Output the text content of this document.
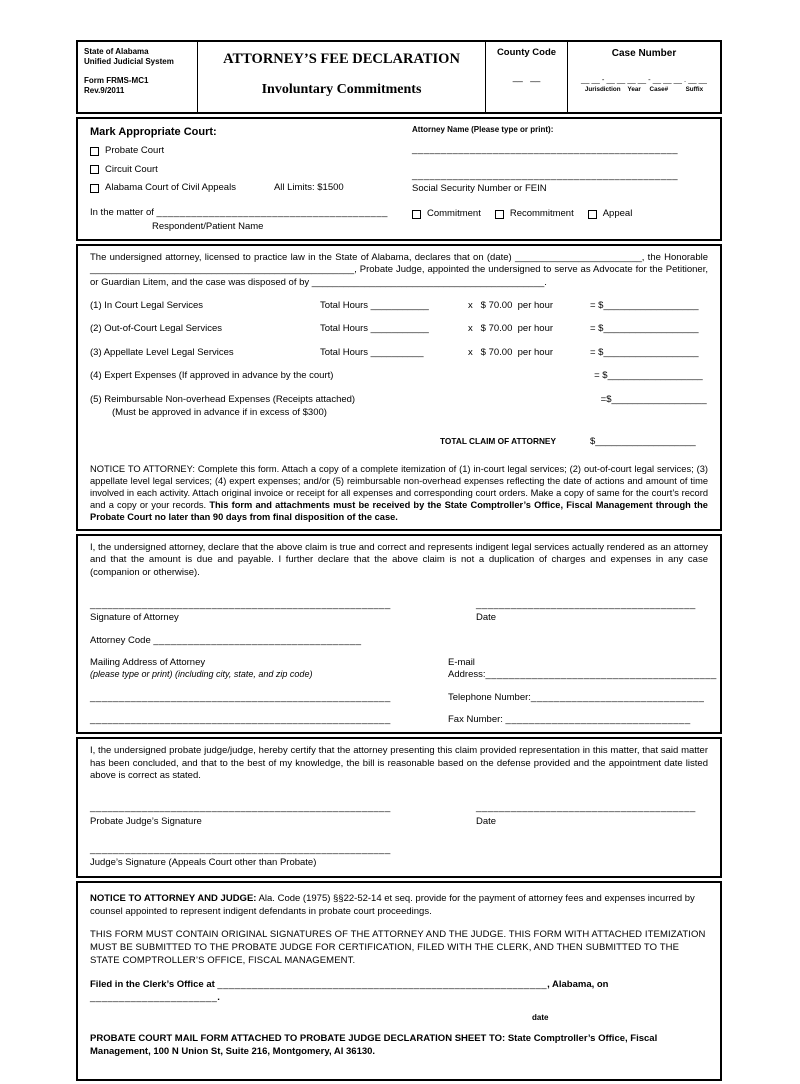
State of Alabama
Unified Judicial System
Form FRMS-MC1
Rev.9/2011
ATTORNEY’S FEE DECLARATION
Involuntary Commitments
County Code
__   __
Case Number
__ __ - __ __ __ __ - __ __ __ . __ __
Jurisdiction    Year     Case#          Suffix
Mark Appropriate Court:
Probate Court
Circuit Court
Alabama Court of Civil Appeals	All Limits: $1500
Attorney Name (Please type or print):
______________________________________________
______________________________________________
Social Security Number or FEIN
In the matter of ________________________________________
Respondent/Patient Name
Commitment	Recommitment	Appeal

The undersigned attorney, licensed to practice law in the State of Alabama, declares that on (date) ________________________, the Honorable __________________________________________________, Probate Judge, appointed the undersigned to serve as Advocate for the Petitioner, or Guardian Litem, and the case was disposed of by ____________________________________________.

(1) In Court Legal Services	Total Hours ___________	x   $ 70.00  per hour	= $__________________
(2) Out-of-Court Legal Services	Total Hours ___________	x   $ 70.00  per hour	= $__________________
(3) Appellate Level Legal Services	Total Hours __________	x   $ 70.00  per hour	= $__________________
(4) Expert Expenses (If approved in advance by the court)	= $__________________
(5) Reimbursable Non-overhead Expenses (Receipts attached)	=$__________________
(Must be approved in advance if in excess of $300)
TOTAL CLAIM OF ATTORNEY	$___________________

NOTICE TO ATTORNEY: Complete this form. Attach a copy of a complete itemization of (1) in-court legal services; (2) out-of-court legal services; (3) appellate level legal services; (4) expert expenses; and/or (5) reimbursable non-overhead expenses reflecting the date of actions and amount of time involved in each activity. Attach original invoice or receipt for all expenses and corresponding court orders. Make a copy of same for the court’s record and a copy or your records. This form and attachments must be received by the State Comptroller’s Office, Fiscal Management through the Probate Court no later than 90 days from final disposition of the case.

I, the undersigned attorney, declare that the above claim is true and correct and represents indigent legal services actually rendered as an attorney and that the amount is due and payable. I further declare that the above claim is not a duplication of charges and expenses in any case (companion or otherwise).

____________________________________________________
Signature of Attorney
______________________________________
Date
Attorney Code ____________________________________
Mailing Address of Attorney
(please type or print) (including city, state, and zip code)
E-mail Address:________________________________________
____________________________________________________	Telephone Number:______________________________
____________________________________________________	Fax Number: ________________________________

I, the undersigned probate judge/judge, hereby certify that the attorney presenting this claim provided representation in this matter, that said matter has been concluded, and that to the best of my knowledge, the bill is reasonable based on the defense provided and the appointment date listed above is correct as stated.

____________________________________________________
Probate Judge’s Signature
______________________________________
Date
____________________________________________________
Judge’s Signature (Appeals Court other than Probate)

NOTICE TO ATTORNEY AND JUDGE: Ala. Code (1975) §§22-52-14 et seq. provide for the payment of attorney fees and expenses incurred by counsel appointed to represent indigent defendants in probate court proceedings.

THIS FORM MUST CONTAIN ORIGINAL SIGNATURES OF THE ATTORNEY AND THE JUDGE. THIS FORM WITH ATTACHED ITEMIZATION MUST BE SUBMITTED TO THE PROBATE JUDGE FOR CERTIFICATION, FILED WITH THE CLERK, AND THEN SUBMITTED TO THE STATE COMPTROLLER’S OFFICE, FISCAL MANAGEMENT.

Filed in the Clerk’s Office at _________________________________________________________, Alabama, on ______________________.

date

PROBATE COURT MAIL FORM ATTACHED TO PROBATE JUDGE DECLARATION SHEET TO: State Comptroller’s Office, Fiscal Management, 100 N Union St, Suite 216, Montgomery, Al 36130.
